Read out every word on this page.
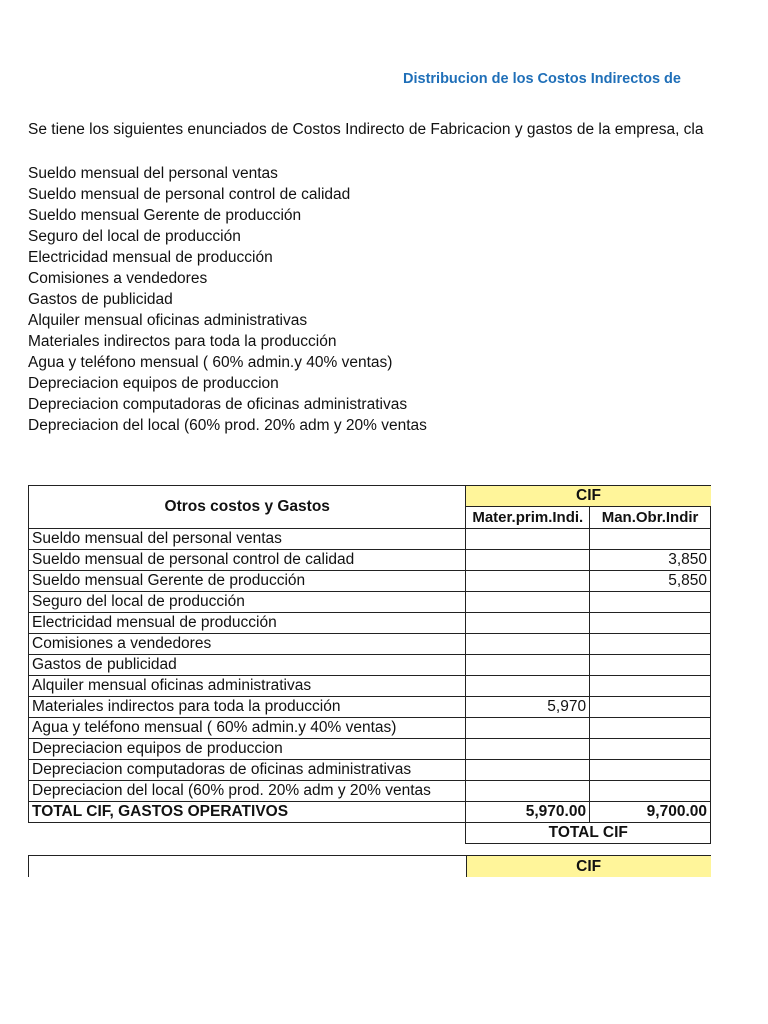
Distribucion de los Costos Indirectos de
Se tiene los siguientes enunciados de Costos Indirecto de Fabricacion y gastos de la empresa, cla
Sueldo mensual del personal ventas
Sueldo mensual de personal control de calidad
Sueldo mensual Gerente de producción
Seguro del local de producción
Electricidad mensual de producción
Comisiones a vendedores
Gastos de publicidad
Alquiler mensual oficinas administrativas
Materiales indirectos para toda la producción
Agua y teléfono mensual ( 60% admin.y 40% ventas)
Depreciacion equipos de produccion
Depreciacion computadoras de oficinas administrativas
Depreciacion del local (60% prod. 20% adm y 20% ventas
Otros costos y Gastos	CIF	
	Mater.prim.Indi.	Man.Obr.Indir
Sueldo mensual del personal ventas		
Sueldo mensual de personal control de calidad		3,850
Sueldo mensual Gerente de producción		5,850
Seguro del local de producción		
Electricidad mensual de producción		
Comisiones a vendedores		
Gastos de publicidad		
Alquiler mensual oficinas administrativas		
Materiales indirectos para toda la producción	5,970	
Agua y teléfono mensual ( 60% admin.y 40% ventas)		
Depreciacion equipos de produccion		
Depreciacion computadoras de oficinas administrativas		
Depreciacion del local (60% prod. 20% adm y 20% ventas		
TOTAL CIF, GASTOS OPERATIVOS	5,970.00	9,700.00
	TOTAL CIF	
	CIF	
